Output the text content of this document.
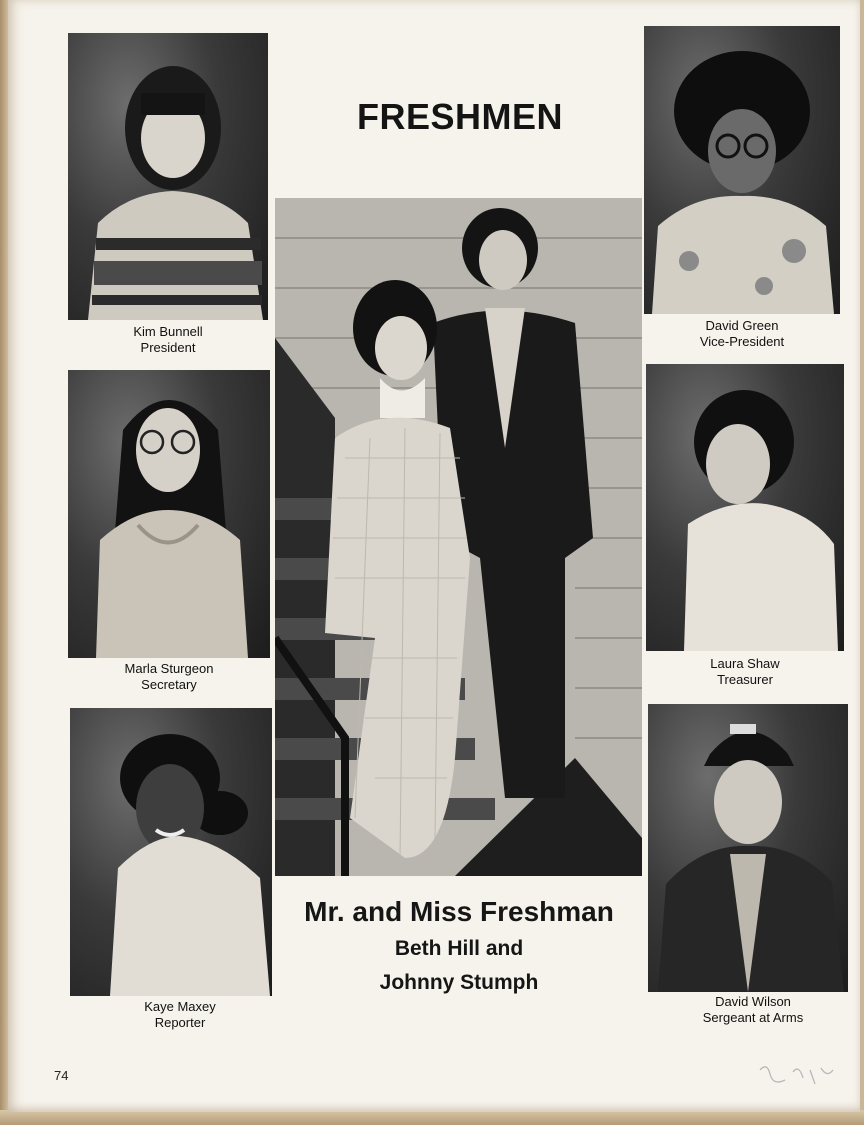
FRESHMEN
Kim Bunnell
President
David Green
Vice-President
Marla Sturgeon
Secretary
Laura Shaw
Treasurer
Kaye Maxey
Reporter
David Wilson
Sergeant at Arms
Mr. and Miss Freshman
Beth Hill and
Johnny Stumph
74
